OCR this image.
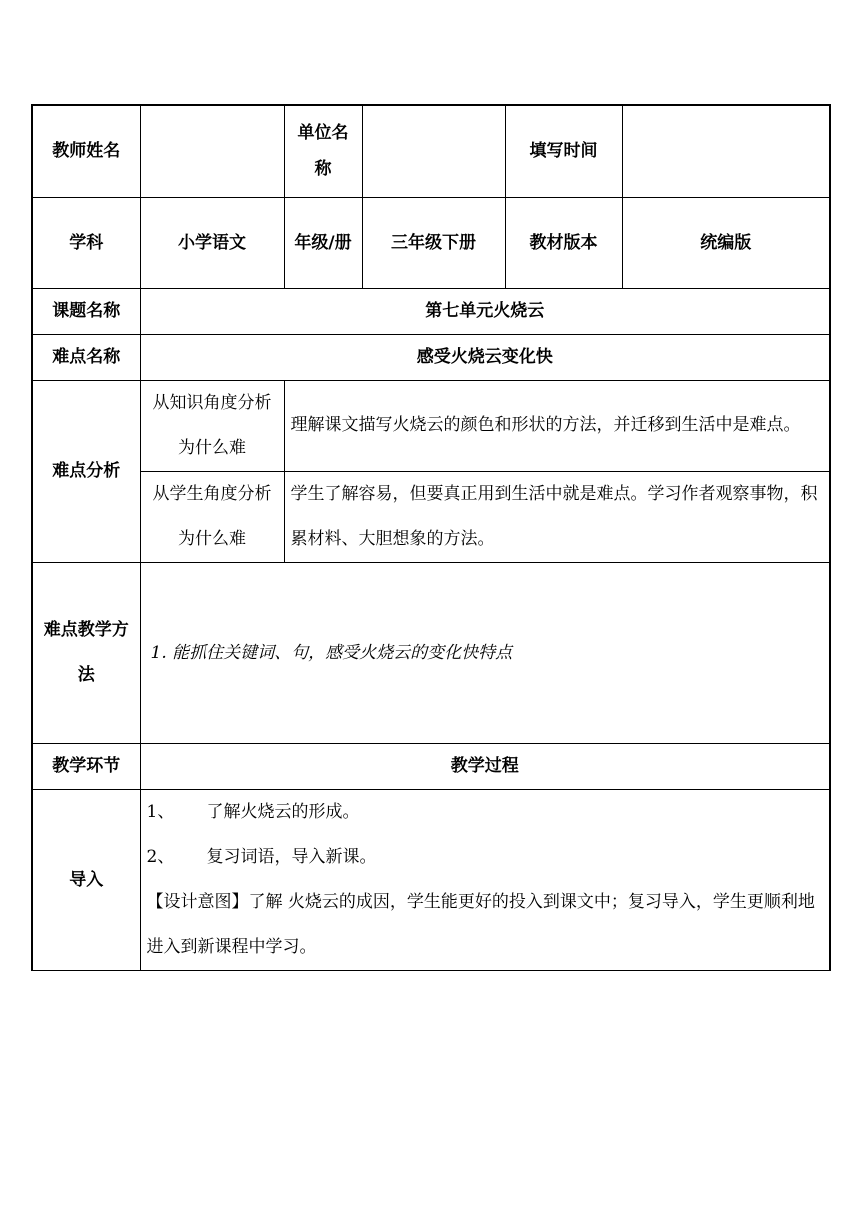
教师姓名		单位名称		填写时间	
学科	小学语文	年级/册	三年级下册	教材版本	统编版
课题名称	第七单元火烧云				
难点名称	感受火烧云变化快				
难点分析	从知识角度分析为什么难	理解课文描写火烧云的颜色和形状的方法，并迁移到生活中是难点。			
	从学生角度分析为什么难	学生了解容易，但要真正用到生活中就是难点。学习作者观察事物，积累材料、大胆想象的方法。			
难点教学方法	1. 能抓住关键词、句，感受火烧云的变化快特点				
教学环节	教学过程				
导入	1、 了解火烧云的形成。
2、 复习词语，导入新课。
【设计意图】了解 火烧云的成因，学生能更好的投入到课文中；复习导入，学生更顺利地进入到新课程中学习。				
